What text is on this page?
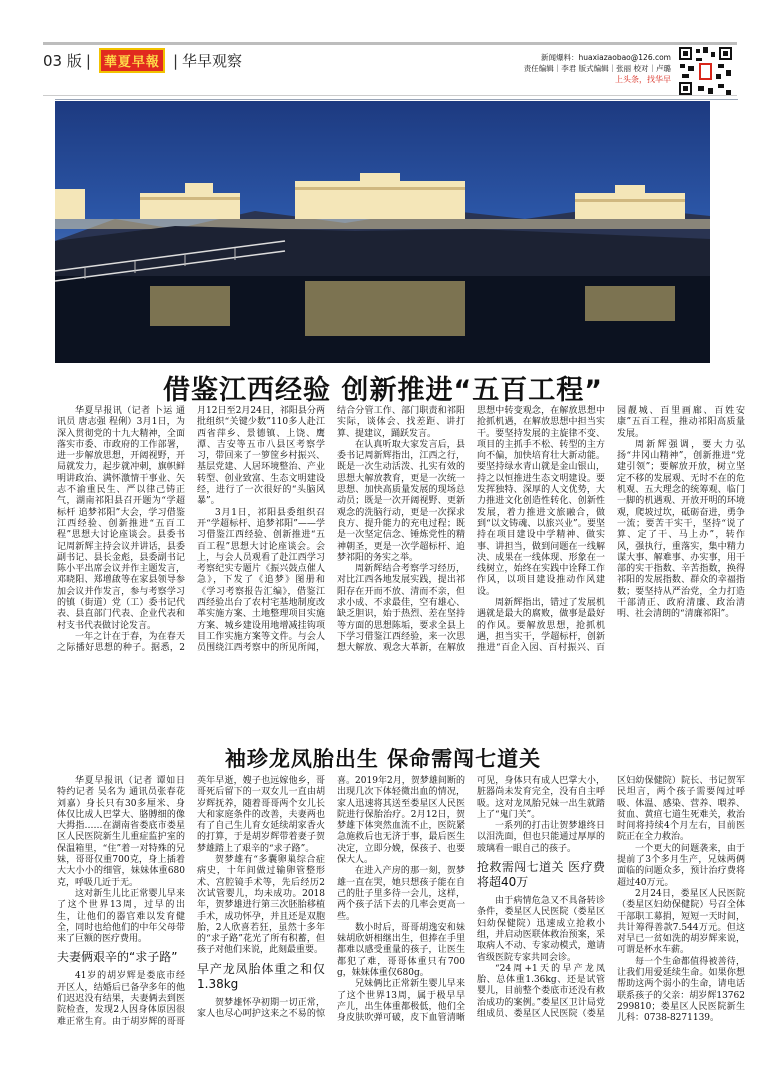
03 版 |	華夏早報 | 华早观察	新闻爆料：huaxiazaobao@126.com
责任编辑｜李君 版式编辑｜张丽 校对｜卢璐
上头条，找华早
借鉴江西经验 创新推进“五百工程”

华夏早报讯（记者 卜运 通讯员 唐志强 程俐）3月1日，为深入贯彻党的十九大精神，全面落实市委、市政府的工作部署，进一步解放思想，开阔视野，开局就发力，起步就冲刺，旗帜鲜明讲政治、满怀激情干事业、矢志不渝重民生、严以律己铸正气，湖南祁阳县召开题为“学超标杆 追梦祁阳”大会，学习借鉴江西经验、创新推进“五百工程”思想大讨论座谈会。县委书记周新辉主持会议并讲话，县委副书记、县长金彪，县委副书记陈小平出席会议并作主题发言，邓晓阳、郑增啟等在家县领导参加会议并作发言，参与考察学习的镇（街道）党（工）委书记代表、县直部门代表、企业代表和村支书代表做讨论发言。

一年之计在于春，为在春天之际播好思想的种子。据悉，2月12日至2月24日，祁阳县分两批组织“关键少数”110多人赴江西省萍乡、景德镇、上饶、鹰潭、吉安等五市八县区考察学习，带回来了一箩筐乡村振兴、基层党建、人居环境整治、产业转型、创业致富、生态文明建设经，进行了一次很好的“头脑风暴”。

3月1日，祁阳县委组织召开“学超标杆、追梦祁阳”——学习借鉴江西经验、创新推进“五百工程”思想大讨论座谈会。会上，与会人员观看了赴江西学习考察纪实专题片《振兴鼓点催人急》，下发了《追梦》图册和《学习考察报告汇编》，借鉴江西经验出台了农村宅基地制度改革实施方案、土地整理项目实施方案、城乡建设用地增减挂钩项目工作实施方案等文件。与会人员围绕江西考察中的所见所闻，结合分管工作、部门职责和祁阳实际，谈体会、找差距、讲打算、提建议，踊跃发言。

在认真听取大家发言后，县委书记周新辉指出，江西之行，既是一次生动活泼、扎实有效的思想大解放教育，更是一次统一思想、加快高质量发展的现场总动员；既是一次开阔视野、更新观念的洗脑行动，更是一次探求良方、提升能力的充电过程；既是一次坚定信念、锤炼党性的精神朝圣，更是一次学超标杆、追梦祁阳的务实之举。

周新辉结合考察学习经历，对比江西各地发展实践，提出祁阳存在开而不放、清而不亲，但求小成、不求最佳，空有雄心、缺乏胆识，始于热烈、差在坚持等方面的思想陈垢，要求全县上下学习借鉴江西经验，来一次思想大解放、观念大革新，在解放思想中转变观念，在解放思想中抢抓机遇，在解放思想中担当实干。要坚持发展的主旋律不变、项目的主抓手不松、转型的主方向不偏，加快培育壮大新动能。要坚持绿水青山就是金山银山，持之以恒推进生态文明建设。要发挥独特、深厚的人文优势，大力推进文化创造性转化、创新性发展，着力推进文旅融合，做到“以文铸魂、以旅兴业”。要坚持在项目建设中学精神、做实事、讲担当，做到问题在一线解决、成果在一线体现、形象在一线树立，始终在实践中诠释工作作风，以项目建设推动作风建设。

周新辉指出，错过了发展机遇就是最大的腐败，做事是最好的作风。要解放思想，抢抓机遇，担当实干，学超标杆，创新推进“百企入园、百村振兴、百园靓城、百里画廊、百姓安康”五百工程，推动祁阳高质量发展。

周新辉强调，要大力弘扬“井冈山精神”，创新推进“党建引领”；要解放开放，树立坚定不移的发展观、无时不在的危机观、五大理念的统筹观、临门一脚的机遇观、开放开明的环境观，爬坡过坎，砥砺奋进，勇争一流；要苦干实干，坚持“说了算、定了干、马上办”，转作风，强执行，重落实，集中精力谋大事、解难事、办实事，用干部的实干指数、辛苦指数，换得祁阳的发展指数、群众的幸福指数；要坚持从严治党，全力打造干部清正、政府清廉、政治清明、社会清朗的“清廉祁阳”。

袖珍龙凤胎出生 保命需闯七道关

华夏早报讯（记者 谭如日 特约记者 吴名为 通讯员张春花 刘嘉）身长只有30多厘米、身体仅比成人巴掌大、胳膊细的像大拇指……在湖南省娄底市娄星区人民医院新生儿重症监护室的保温箱里，“住”着一对特殊的兄妹，哥哥仅重700克，身上插着大大小小的细管，妹妹体重680克，呼吸几近于无。

这对新生儿比正常婴儿早来了这个世界13周，过早的出生，让他们的器官难以发育健全，同时也给他们的中年父母带来了巨额的医疗费用。

夫妻俩艰辛的“求子路”

41岁的胡岁辉是娄底市经开区人，结婚后已备孕多年的他们迟迟没有结果，夫妻俩去到医院检查，发现2人因身体原因很难正常生育。由于胡岁辉的哥哥英年早逝，嫂子也远嫁他乡，哥哥死后留下的一双女儿一直由胡岁辉抚养，随着哥哥两个女儿长大和家庭条件的改善，夫妻两也有了自己生儿育女延续胡家香火的打算，于是胡岁辉带着妻子贺梦雄踏上了艰辛的“求子路”。

贺梦雄有“多囊卵巢综合症病史，十年间做过输卵管整形术、宫腔镜手术等，先后经历2次试管婴儿，均未成功。2018年，贺梦雄进行第三次胚胎移植手术，成功怀孕，并且还是双胞胎，2人欣喜若狂，虽然十多年的“求子路”花光了所有积蓄，但孩子对他们来说，此刻最重要。

早产龙凤胎体重之和仅1.38kg

贺梦雄怀孕初期一切正常，家人也尽心呵护这来之不易的惊喜。2019年2月，贺梦雄间断的出现几次下体轻微出血的情况，家人迅速将其送至娄星区人民医院进行保胎治疗。2月12日，贺梦雄下体突然血流不止，医院紧急施救后也无济于事，最后医生决定，立即分娩，保孩子、也要保大人。

在进入产房的那一刻，贺梦雄一直在哭，她只想孩子能在自己的肚子里多待一会儿，这样，两个孩子活下去的几率会更高一些。

数小时后，哥哥胡逸安和妹妹胡欣妍相继出生，但捧在手里都难以感受重量的孩子，让医生都犯了难，哥哥体重只有700g，妹妹体重仅680g。

兄妹俩比正常新生婴儿早来了这个世界13周，属于极早早产儿，出生体重都极低，他们全身皮肤吹弹可破，皮下血管清晰可见，身体只有成人巴掌大小，脏器尚未发育完全，没有自主呼吸。这对龙凤胎兄妹一出生就踏上了“鬼门关”。

一系列的打击让贺梦雄终日以泪洗面，但也只能通过厚厚的玻璃看一眼自己的孩子。

抢救需闯七道关 医疗费将超40万

由于病情危急又不具备转诊条件，娄星区人民医院（娄星区妇幼保健院）迅速成立抢救小组，并启动医联体救治预案，采取病人不动、专家动模式，邀请省级医院专家共同会诊。

“24周+1天的早产龙凤胎、总体重1.36kg、还是试管婴儿，目前整个娄底市还没有救治成功的案例。”娄星区卫计局党组成员、娄星区人民医院（娄星区妇幼保健院）院长、书记贺军民坦言，两个孩子需要闯过呼吸、体温、感染、营养、喂养、贫血、黄疸七道生死难关，救治时间将持续4个月左右，目前医院正在全力救治。

一个更大的问题袭来，由于提前了3个多月生产，兄妹两俩面临的问题众多，预计治疗费将超过40万元。

2月24日，娄星区人民医院（娄星区妇幼保健院）号召全体干部职工募捐，短短一天时间，共计筹得善款7.544万元。但这对早已一贫如洗的胡岁辉来说，可谓是杯水车薪。

每一个生命都值得被善待，让我们用爱延续生命。如果你想帮助这两个弱小的生命，请电话联系孩子的父亲：胡岁辉13762299810；娄星区人民医院新生儿科：0738-8271139。
